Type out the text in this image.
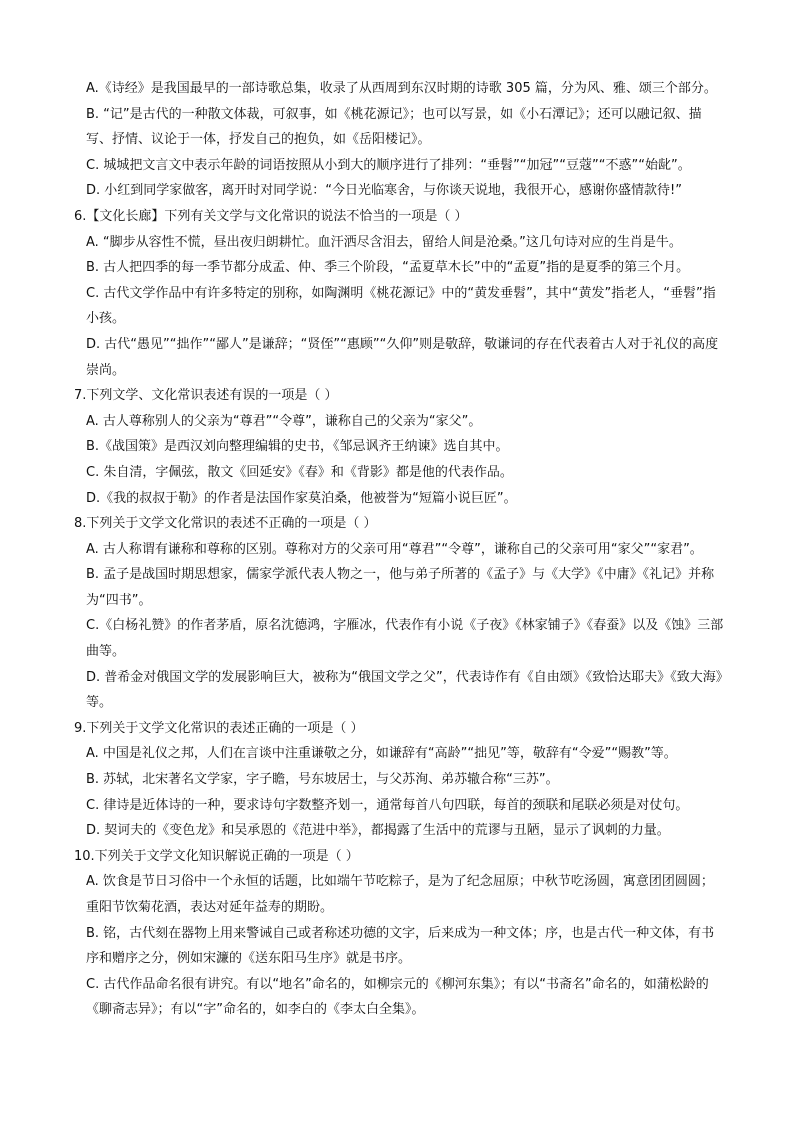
A.《诗经》是我国最早的一部诗歌总集，收录了从西周到东汉时期的诗歌 305 篇，分为风、雅、颂三个部分。

B. “记”是古代的一种散文体裁，可叙事，如《桃花源记》；也可以写景，如《小石潭记》；还可以融记叙、描写、抒情、议论于一体，抒发自己的抱负，如《岳阳楼记》。

C. 城城把文言文中表示年龄的词语按照从小到大的顺序进行了排列：“垂髫”“加冠”“豆蔻”“不惑”“始龀”。

D. 小红到同学家做客，离开时对同学说：“今日光临寒舍，与你谈天说地，我很开心，感谢你盛情款待!”

6.【文化长廊】下列有关文学与文化常识的说法不恰当的一项是（ ）

A. “脚步从容性不慌，昼出夜归朗耕忙。血汗洒尽含泪去，留给人间是沧桑。”这几句诗对应的生肖是牛。

B. 古人把四季的每一季节都分成孟、仲、季三个阶段，“孟夏草木长”中的“孟夏”指的是夏季的第三个月。

C. 古代文学作品中有许多特定的别称，如陶渊明《桃花源记》中的“黄发垂髫”，其中“黄发”指老人，“垂髫”指小孩。

D. 古代“愚见”“拙作”“鄙人”是谦辞；“贤侄”“惠顾”“久仰”则是敬辞，敬谦词的存在代表着古人对于礼仪的高度崇尚。

7.下列文学、文化常识表述有误的一项是（ ）

A. 古人尊称别人的父亲为“尊君”“令尊”，谦称自己的父亲为“家父”。

B.《战国策》是西汉刘向整理编辑的史书，《邹忌讽齐王纳谏》选自其中。

C. 朱自清，字佩弦，散文《回延安》《春》和《背影》都是他的代表作品。

D.《我的叔叔于勒》的作者是法国作家莫泊桑，他被誉为“短篇小说巨匠”。

8.下列关于文学文化常识的表述不正确的一项是（ ）

A. 古人称谓有谦称和尊称的区别。尊称对方的父亲可用“尊君”“令尊”，谦称自己的父亲可用“家父”“家君”。

B. 孟子是战国时期思想家，儒家学派代表人物之一，他与弟子所著的《孟子》与《大学》《中庸》《礼记》并称为“四书”。

C.《白杨礼赞》的作者茅盾，原名沈德鸿，字雁冰，代表作有小说《子夜》《林家铺子》《春蚕》以及《蚀》三部曲等。

D. 普希金对俄国文学的发展影响巨大，被称为“俄国文学之父”，代表诗作有《自由颂》《致恰达耶夫》《致大海》等。

9.下列关于文学文化常识的表述正确的一项是（ ）

A. 中国是礼仪之邦，人们在言谈中注重谦敬之分，如谦辞有“高龄”“拙见”等，敬辞有“令爱”“赐教”等。

B. 苏轼，北宋著名文学家，字子瞻，号东坡居士，与父苏洵、弟苏辙合称“三苏”。

C. 律诗是近体诗的一种，要求诗句字数整齐划一，通常每首八句四联，每首的颈联和尾联必须是对仗句。

D. 契诃夫的《变色龙》和吴承恩的《范进中举》，都揭露了生活中的荒谬与丑陋，显示了讽刺的力量。

10.下列关于文学文化知识解说正确的一项是（ ）

A. 饮食是节日习俗中一个永恒的话题，比如端午节吃粽子，是为了纪念屈原；中秋节吃汤圆，寓意团团圆圆；重阳节饮菊花酒，表达对延年益寿的期盼。

B. 铭，古代刻在器物上用来警诫自己或者称述功德的文字，后来成为一种文体；序，也是古代一种文体，有书序和赠序之分，例如宋濂的《送东阳马生序》就是书序。

C. 古代作品命名很有讲究。有以“地名”命名的，如柳宗元的《柳河东集》；有以“书斋名”命名的，如蒲松龄的《聊斋志异》；有以“字”命名的，如李白的《李太白全集》。
